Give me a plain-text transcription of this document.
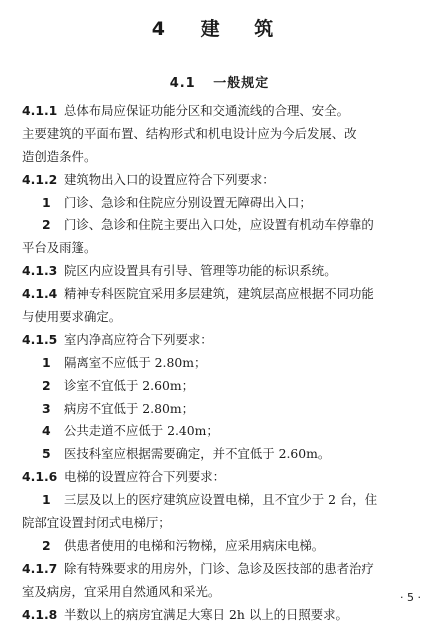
4 建 筑
4.1 一般规定
4.1.1 总体布局应保证功能分区和交通流线的合理、安全。
主要建筑的平面布置、结构形式和机电设计应为今后发展、改
造创造条件。
4.1.2 建筑物出入口的设置应符合下列要求：
1 门诊、急诊和住院应分别设置无障碍出入口；
2 门诊、急诊和住院主要出入口处，应设置有机动车停靠的
平台及雨篷。
4.1.3 院区内应设置具有引导、管理等功能的标识系统。
4.1.4 精神专科医院宜采用多层建筑，建筑层高应根据不同功能
与使用要求确定。
4.1.5 室内净高应符合下列要求：
1 隔离室不应低于 2.80m；
2 诊室不宜低于 2.60m；
3 病房不宜低于 2.80m；
4 公共走道不应低于 2.40m；
5 医技科室应根据需要确定，并不宜低于 2.60m。
4.1.6 电梯的设置应符合下列要求：
1 三层及以上的医疗建筑应设置电梯，且不宜少于 2 台，住
院部宜设置封闭式电梯厅；
2 供患者使用的电梯和污物梯，应采用病床电梯。
4.1.7 除有特殊要求的用房外，门诊、急诊及医技部的患者治疗
室及病房，宜采用自然通风和采光。
4.1.8 半数以上的病房宜满足大寒日 2h 以上的日照要求。
· 5 ·
